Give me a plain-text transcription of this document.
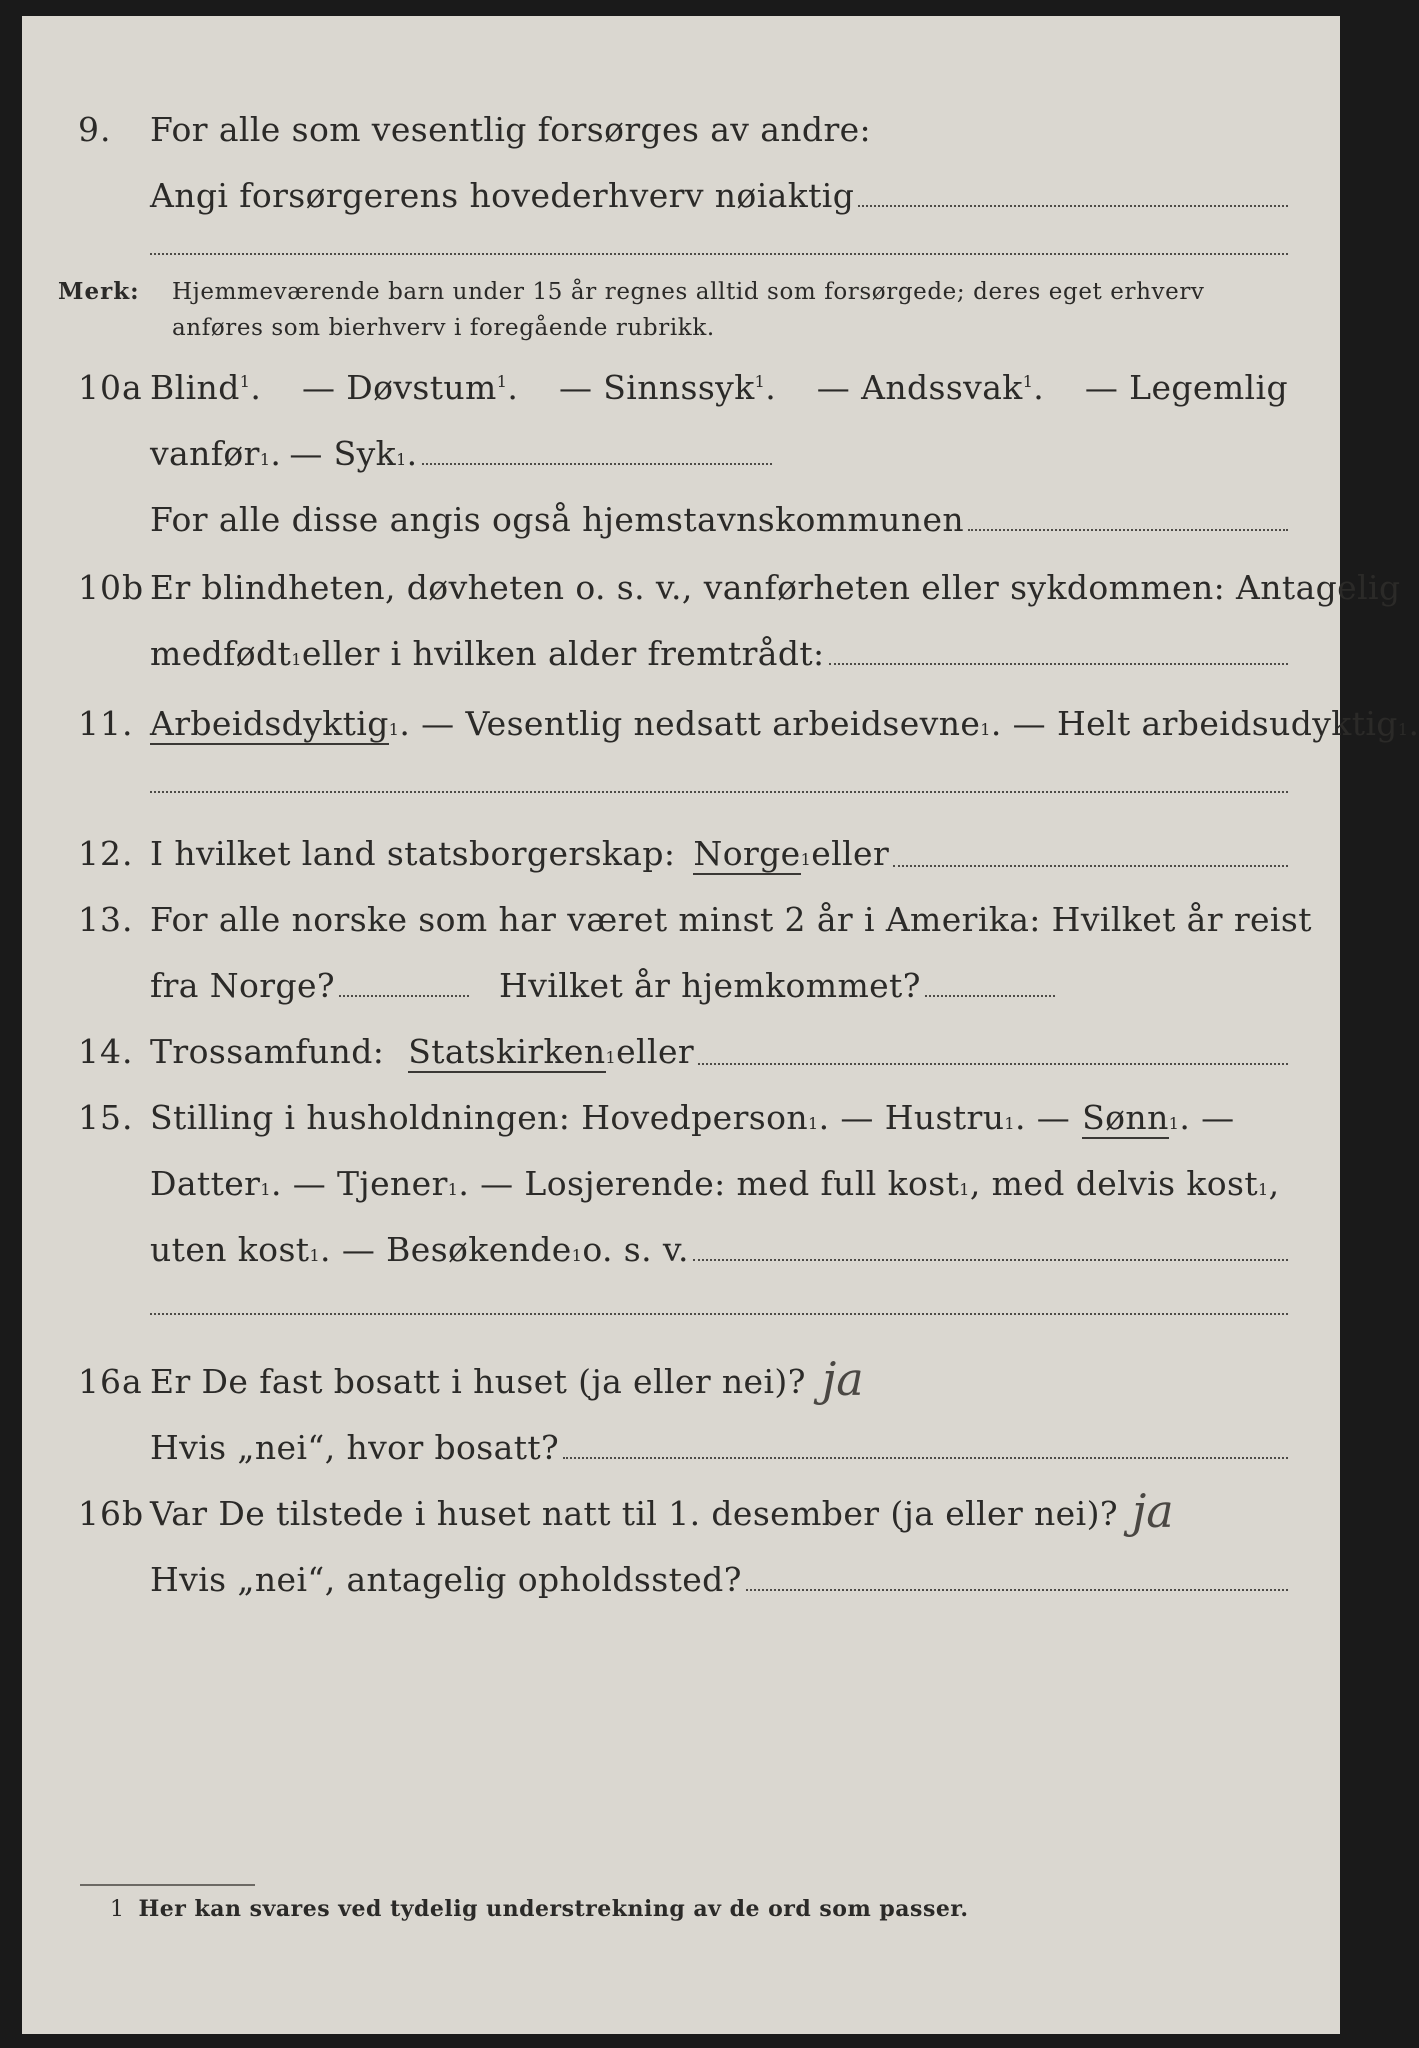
9. For alle som vesentlig forsørges av andre:
Angi forsørgerens hovederhverv nøiaktig
Merk: Hjemmeværende barn under 15 år regnes alltid som forsørgede; deres eget erhverv anføres som bierhverv i foregående rubrikk.
10a Blind$^1$. — Døvstum$^1$. — Sinnssyk$^1$. — Andssvak$^1$. — Legemlig
vanfør 1 . — Syk 1 .
For alle disse angis også hjemstavnskommunen
10b Er blindheten, døvheten o. s. v., vanførheten eller sykdommen: Antagelig
medfødt 1 eller i hvilken alder fremtrådt:
11. Arbeidsdyktig 1 . — Vesentlig nedsatt arbeidsevne 1 . — Helt arbeidsudyktig 1 .
12. I hvilket land statsborgerskap: Norge 1 eller
13. For alle norske som har været minst 2 år i Amerika: Hvilket år reist
fra Norge?	Hvilket år hjemkommet?
14. Trossamfund: Statskirken 1 eller
15. Stilling i husholdningen: Hovedperson 1 . — Hustru 1 . — Sønn 1 . —
Datter 1 . — Tjener 1 . — Losjerende: med full kost 1 , med delvis kost 1 ,
uten kost 1 . — Besøkende 1 o. s. v.
16a Er De fast bosatt i huset (ja eller nei)? ja
Hvis „nei“, hvor bosatt?
16b Var De tilstede i huset natt til 1. desember (ja eller nei)? ja
Hvis „nei“, antagelig opholdssted?
1 Her kan svares ved tydelig understrekning av de ord som passer.
